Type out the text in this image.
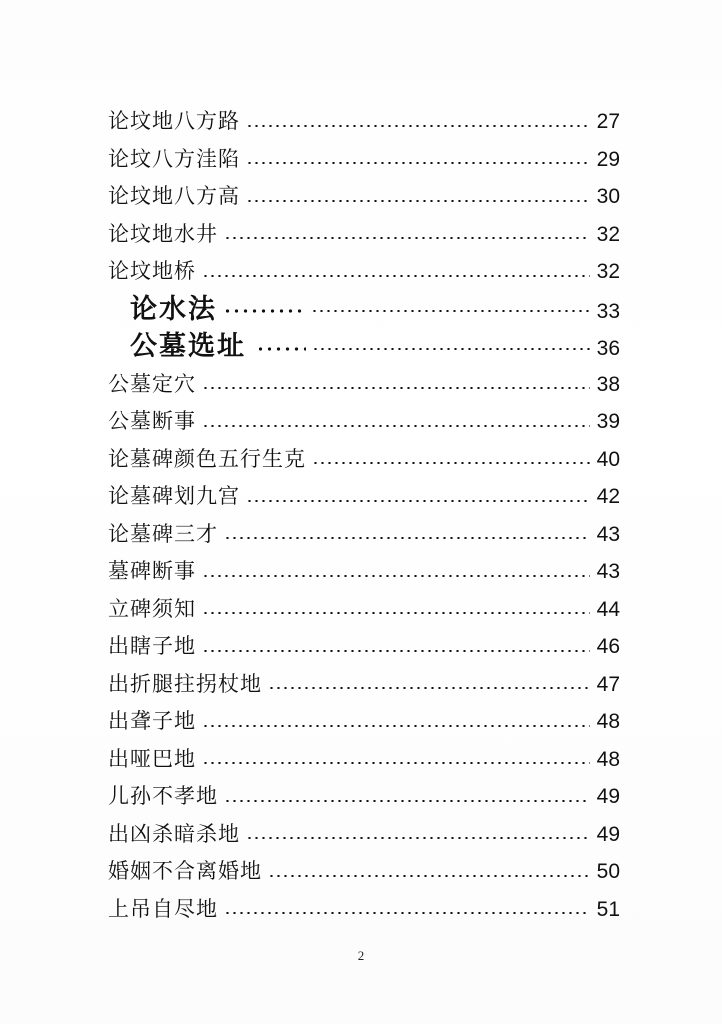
论坟地八方路	27
论坟八方洼陷	29
论坟地八方高	30
论坟地水井	32
论坟地桥	32
论水法	33
公墓选址	36
公墓定穴	38
公墓断事	39
论墓碑颜色五行生克	40
论墓碑划九宫	42
论墓碑三才	43
墓碑断事	43
立碑须知	44
出瞎子地	46
出折腿拄拐杖地	47
出聋子地	48
出哑巴地	48
儿孙不孝地	49
出凶杀暗杀地	49
婚姻不合离婚地	50
上吊自尽地	51
2
